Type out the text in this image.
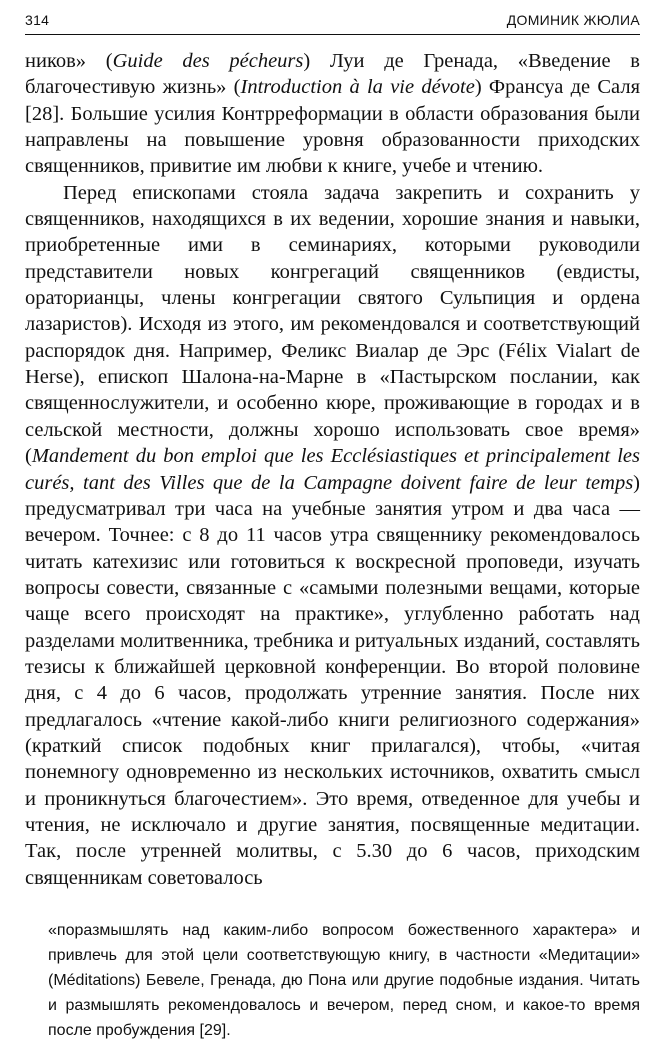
314	ДОМИНИК ЖЮЛИА

ников» (Guide des pécheurs) Луи де Гренада, «Введение в благочестивую жизнь» (Introduction à la vie dévote) Франсуа де Саля [28]. Большие усилия Контрреформации в области образования были направлены на повышение уровня образованности приходских священников, привитие им любви к книге, учебе и чтению.

Перед епископами стояла задача закрепить и сохранить у священников, находящихся в их ведении, хорошие знания и навыки, приобретенные ими в семинариях, которыми руководили представители новых конгрегаций священников (евдисты, ораторианцы, члены конгрегации святого Сульпиция и ордена лазаристов). Исходя из этого, им рекомендовался и соответствующий распорядок дня. Например, Феликс Виалар де Эрс (Félix Vialart de Herse), епископ Шалона-на-Марне в «Пастырском послании, как священнослужители, и особенно кюре, проживающие в городах и в сельской местности, должны хорошо использовать свое время» (Mandement du bon emploi que les Ecclésiastiques et principalement les curés, tant des Villes que de la Campagne doivent faire de leur temps) предусматривал три часа на учебные занятия утром и два часа — вечером. Точнее: с 8 до 11 часов утра священнику рекомендовалось читать катехизис или готовиться к воскресной проповеди, изучать вопросы совести, связанные с «самыми полезными вещами, которые чаще всего происходят на практике», углубленно работать над разделами молитвенника, требника и ритуальных изданий, составлять тезисы к ближайшей церковной конференции. Во второй половине дня, с 4 до 6 часов, продолжать утренние занятия. После них предлагалось «чтение какой-либо книги религиозного содержания» (краткий список подобных книг прилагался), чтобы, «читая понемногу одновременно из нескольких источников, охватить смысл и проникнуться благочестием». Это время, отведенное для учебы и чтения, не исключало и другие занятия, посвященные медитации. Так, после утренней молитвы, с 5.30 до 6 часов, приходским священникам советовалось

«поразмышлять над каким-либо вопросом божественного характера» и привлечь для этой цели соответствующую книгу, в частности «Медитации» (Méditations) Бевеле, Гренада, дю Пона или другие подобные издания. Читать и размышлять рекомендовалось и вечером, перед сном, и какое-то время после пробуждения [29].
